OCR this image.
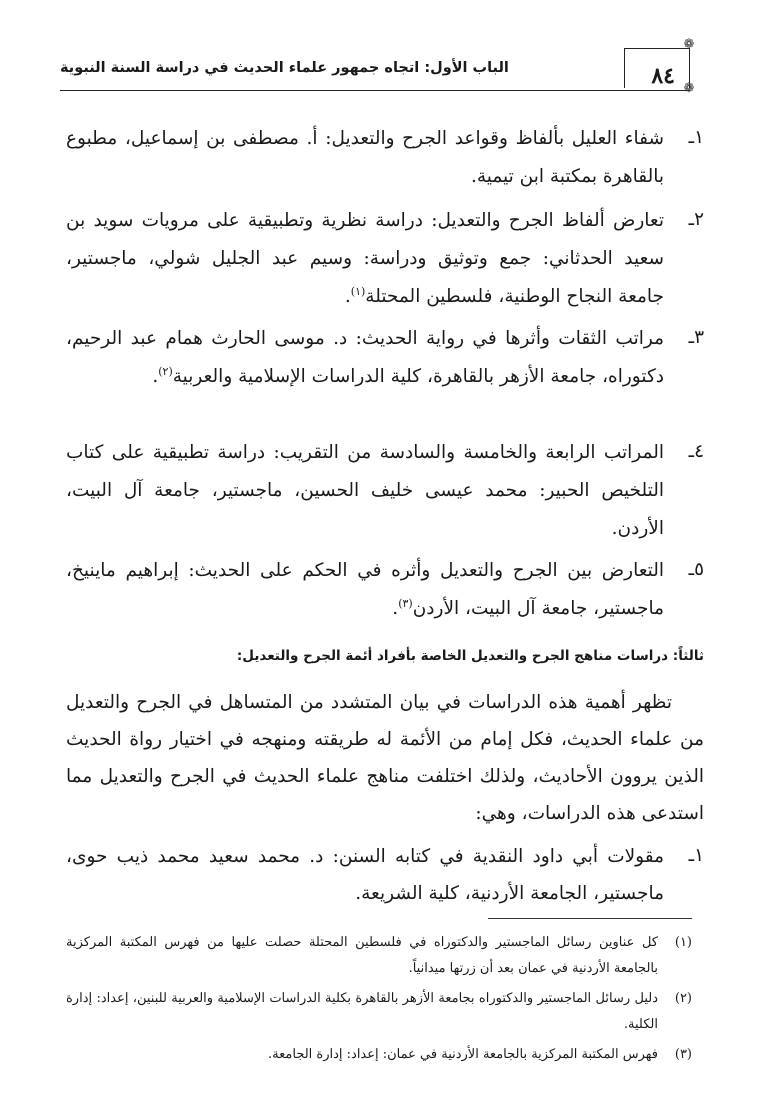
الباب الأول: اتجاه جمهور علماء الحديث في دراسة السنة النبوية	٨٤
❁
❁
١ـ
شفاء العليل بألفاظ وقواعد الجرح والتعديل: أ. مصطفى بن إسماعيل، مطبوع بالقاهرة بمكتبة ابن تيمية.
٢ـ
تعارض ألفاظ الجرح والتعديل: دراسة نظرية وتطبيقية على مرويات سويد بن سعيد الحدثاني: جمع وتوثيق ودراسة: وسيم عبد الجليل شولي، ماجستير، جامعة النجاح الوطنية، فلسطين المحتلة$^{(١)}$.
٣ـ
مراتب الثقات وأثرها في رواية الحديث: د. موسى الحارث همام عبد الرحيم، دكتوراه، جامعة الأزهر بالقاهرة، كلية الدراسات الإسلامية والعربية$^{(٢)}$.
٤ـ
المراتب الرابعة والخامسة والسادسة من التقريب: دراسة تطبيقية على كتاب التلخيص الحبير: محمد عيسى خليف الحسين، ماجستير، جامعة آل البيت، الأردن.
٥ـ
التعارض بين الجرح والتعديل وأثره في الحكم على الحديث: إبراهيم ماينيخ، ماجستير، جامعة آل البيت، الأردن$^{(٣)}$.
ثالثاً: دراسات مناهج الجرح والتعديل الخاصة بأفراد أئمة الجرح والتعديل:
تظهر أهمية هذه الدراسات في بيان المتشدد من المتساهل في الجرح والتعديل من علماء الحديث، فكل إمام من الأئمة له طريقته ومنهجه في اختيار رواة الحديث الذين يروون الأحاديث، ولذلك اختلفت مناهج علماء الحديث في الجرح والتعديل مما استدعى هذه الدراسات، وهي:
١ـ
مقولات أبي داود النقدية في كتابه السنن: د. محمد سعيد محمد ذيب حوى، ماجستير، الجامعة الأردنية، كلية الشريعة.
(١)
كل عناوين رسائل الماجستير والدكتوراه في فلسطين المحتلة حصلت عليها من فهرس المكتبة المركزية بالجامعة الأردنية في عمان بعد أن زرتها ميدانياً.
(٢)
دليل رسائل الماجستير والدكتوراه بجامعة الأزهر بالقاهرة بكلية الدراسات الإسلامية والعربية للبنين، إعداد: إدارة الكلية.
(٣)
فهرس المكتبة المركزية بالجامعة الأردنية في عمان: إعداد: إدارة الجامعة.
